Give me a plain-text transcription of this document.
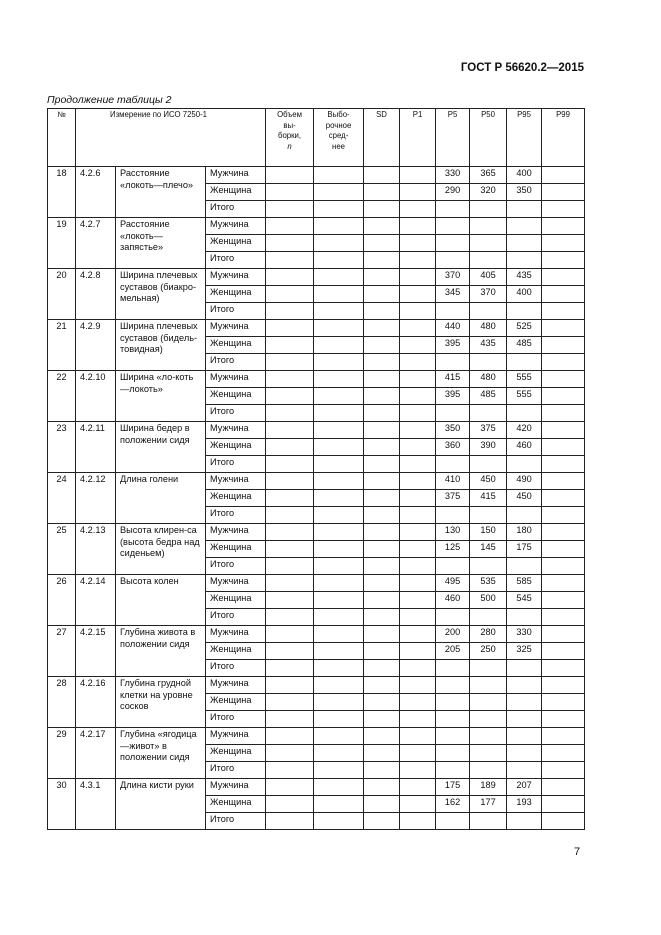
ГОСТ Р 56620.2—2015
Продолжение таблицы 2
№	Измерение по ИСО 7250-1			Объем вы-
борки,
n	Выбо-
рочное
сред-
нее	SD	P1	P5	P50	P95	P99
18	4.2.6	Расстояние «локоть—плечо»	Мужчина					330	365	400	
			Женщина					290	320	350	
			Итого								
19	4.2.7	Расстояние «локоть—запястье»	Мужчина								
			Женщина								
			Итого								
20	4.2.8	Ширина плечевых суставов (биакро-мельная)	Мужчина					370	405	435	
			Женщина					345	370	400	
			Итого								
21	4.2.9	Ширина плечевых суставов (бидель-товидная)	Мужчина					440	480	525	
			Женщина					395	435	485	
			Итого								
22	4.2.10	Ширина «ло-коть—локоть»	Мужчина					415	480	555	
			Женщина					395	485	555	
			Итого								
23	4.2.11	Ширина бедер в положении сидя	Мужчина					350	375	420	
			Женщина					360	390	460	
			Итого								
24	4.2.12	Длина голени	Мужчина					410	450	490	
			Женщина					375	415	450	
			Итого								
25	4.2.13	Высота клирен-са (высота бедра над сиденьем)	Мужчина					130	150	180	
			Женщина					125	145	175	
			Итого								
26	4.2.14	Высота колен	Мужчина					495	535	585	
			Женщина					460	500	545	
			Итого								
27	4.2.15	Глубина живота в положении сидя	Мужчина					200	280	330	
			Женщина					205	250	325	
			Итого								
28	4.2.16	Глубина грудной клетки на уровне сосков	Мужчина								
			Женщина								
			Итого								
29	4.2.17	Глубина «ягодица—живот» в положении сидя	Мужчина								
			Женщина								
			Итого								
30	4.3.1	Длина кисти руки	Мужчина					175	189	207	
			Женщина					162	177	193	
			Итого								
7
